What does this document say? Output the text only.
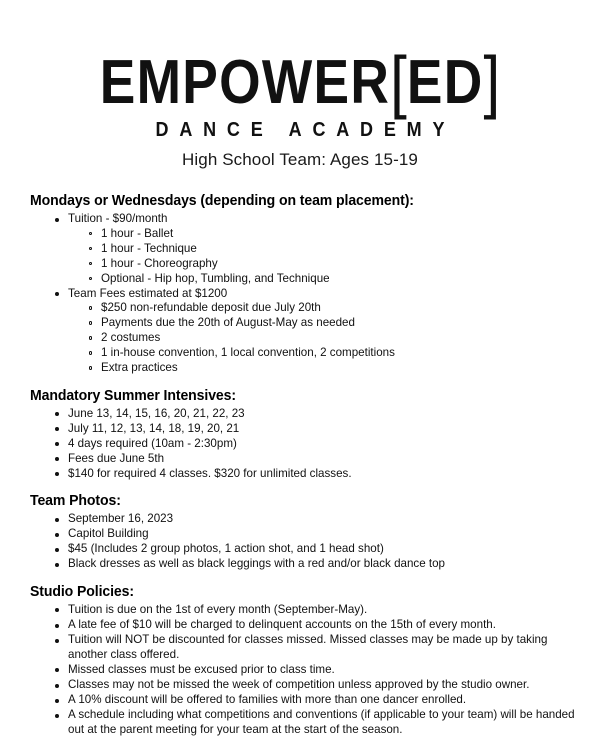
EMPOWER[ED]
DANCE ACADEMY
High School Team: Ages 15-19
Mondays or Wednesdays (depending on team placement):
Tuition - $90/month
1 hour - Ballet
1 hour - Technique
1 hour - Choreography
Optional - Hip hop, Tumbling, and Technique
Team Fees estimated at $1200
$250 non-refundable deposit due July 20th
Payments due the 20th of August-May as needed
2 costumes
1 in-house convention, 1 local convention, 2 competitions
Extra practices
Mandatory Summer Intensives:
June 13, 14, 15, 16, 20, 21, 22, 23
July 11, 12, 13, 14, 18, 19, 20, 21
4 days required (10am - 2:30pm)
Fees due June 5th
$140 for required 4 classes. $320 for unlimited classes.
Team Photos:
September 16, 2023
Capitol Building
$45 (Includes 2 group photos, 1 action shot, and 1 head shot)
Black dresses as well as black leggings with a red and/or black dance top
Studio Policies:
Tuition is due on the 1st of every month (September-May).
A late fee of $10 will be charged to delinquent accounts on the 15th of every month.
Tuition will NOT be discounted for classes missed. Missed classes may be made up by taking another class offered.
Missed classes must be excused prior to class time.
Classes may not be missed the week of competition unless approved by the studio owner.
A 10% discount will be offered to families with more than one dancer enrolled.
A schedule including what competitions and conventions (if applicable to your team) will be handed out at the parent meeting for your team at the start of the season.
